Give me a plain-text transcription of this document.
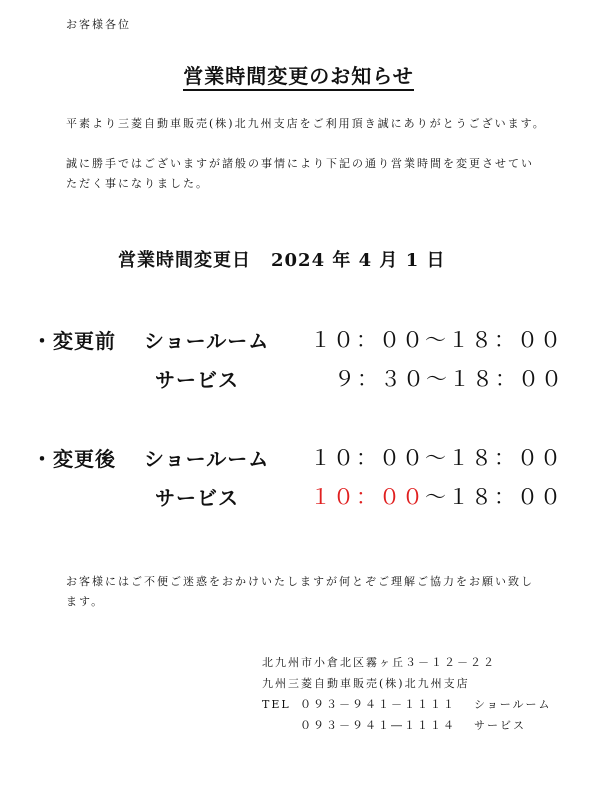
お客様各位
営業時間変更のお知らせ
平素より三菱自動車販売(株)北九州支店をご利用頂き誠にありがとうございます。
誠に勝手ではございますが諸般の事情により下記の通り営業時間を変更させていただく事になりました。
営業時間変更日 2024 年 4 月 1 日
・変更前 ショールーム １０：００～１８：００
サービス	９：３０～１８：００
・変更後 ショールーム １０：００～１８：００
サービス	１０：００～１８：００
お客様にはご不便ご迷惑をおかけいたしますが何とぞご理解ご協力をお願い致します。
北九州市小倉北区霧ヶ丘３－１２－２２
九州三菱自動車販売(株)北九州支店
TEL ０９３－９４１－１１１１ ショールーム
０９３－９４１―１１１４ サービス
